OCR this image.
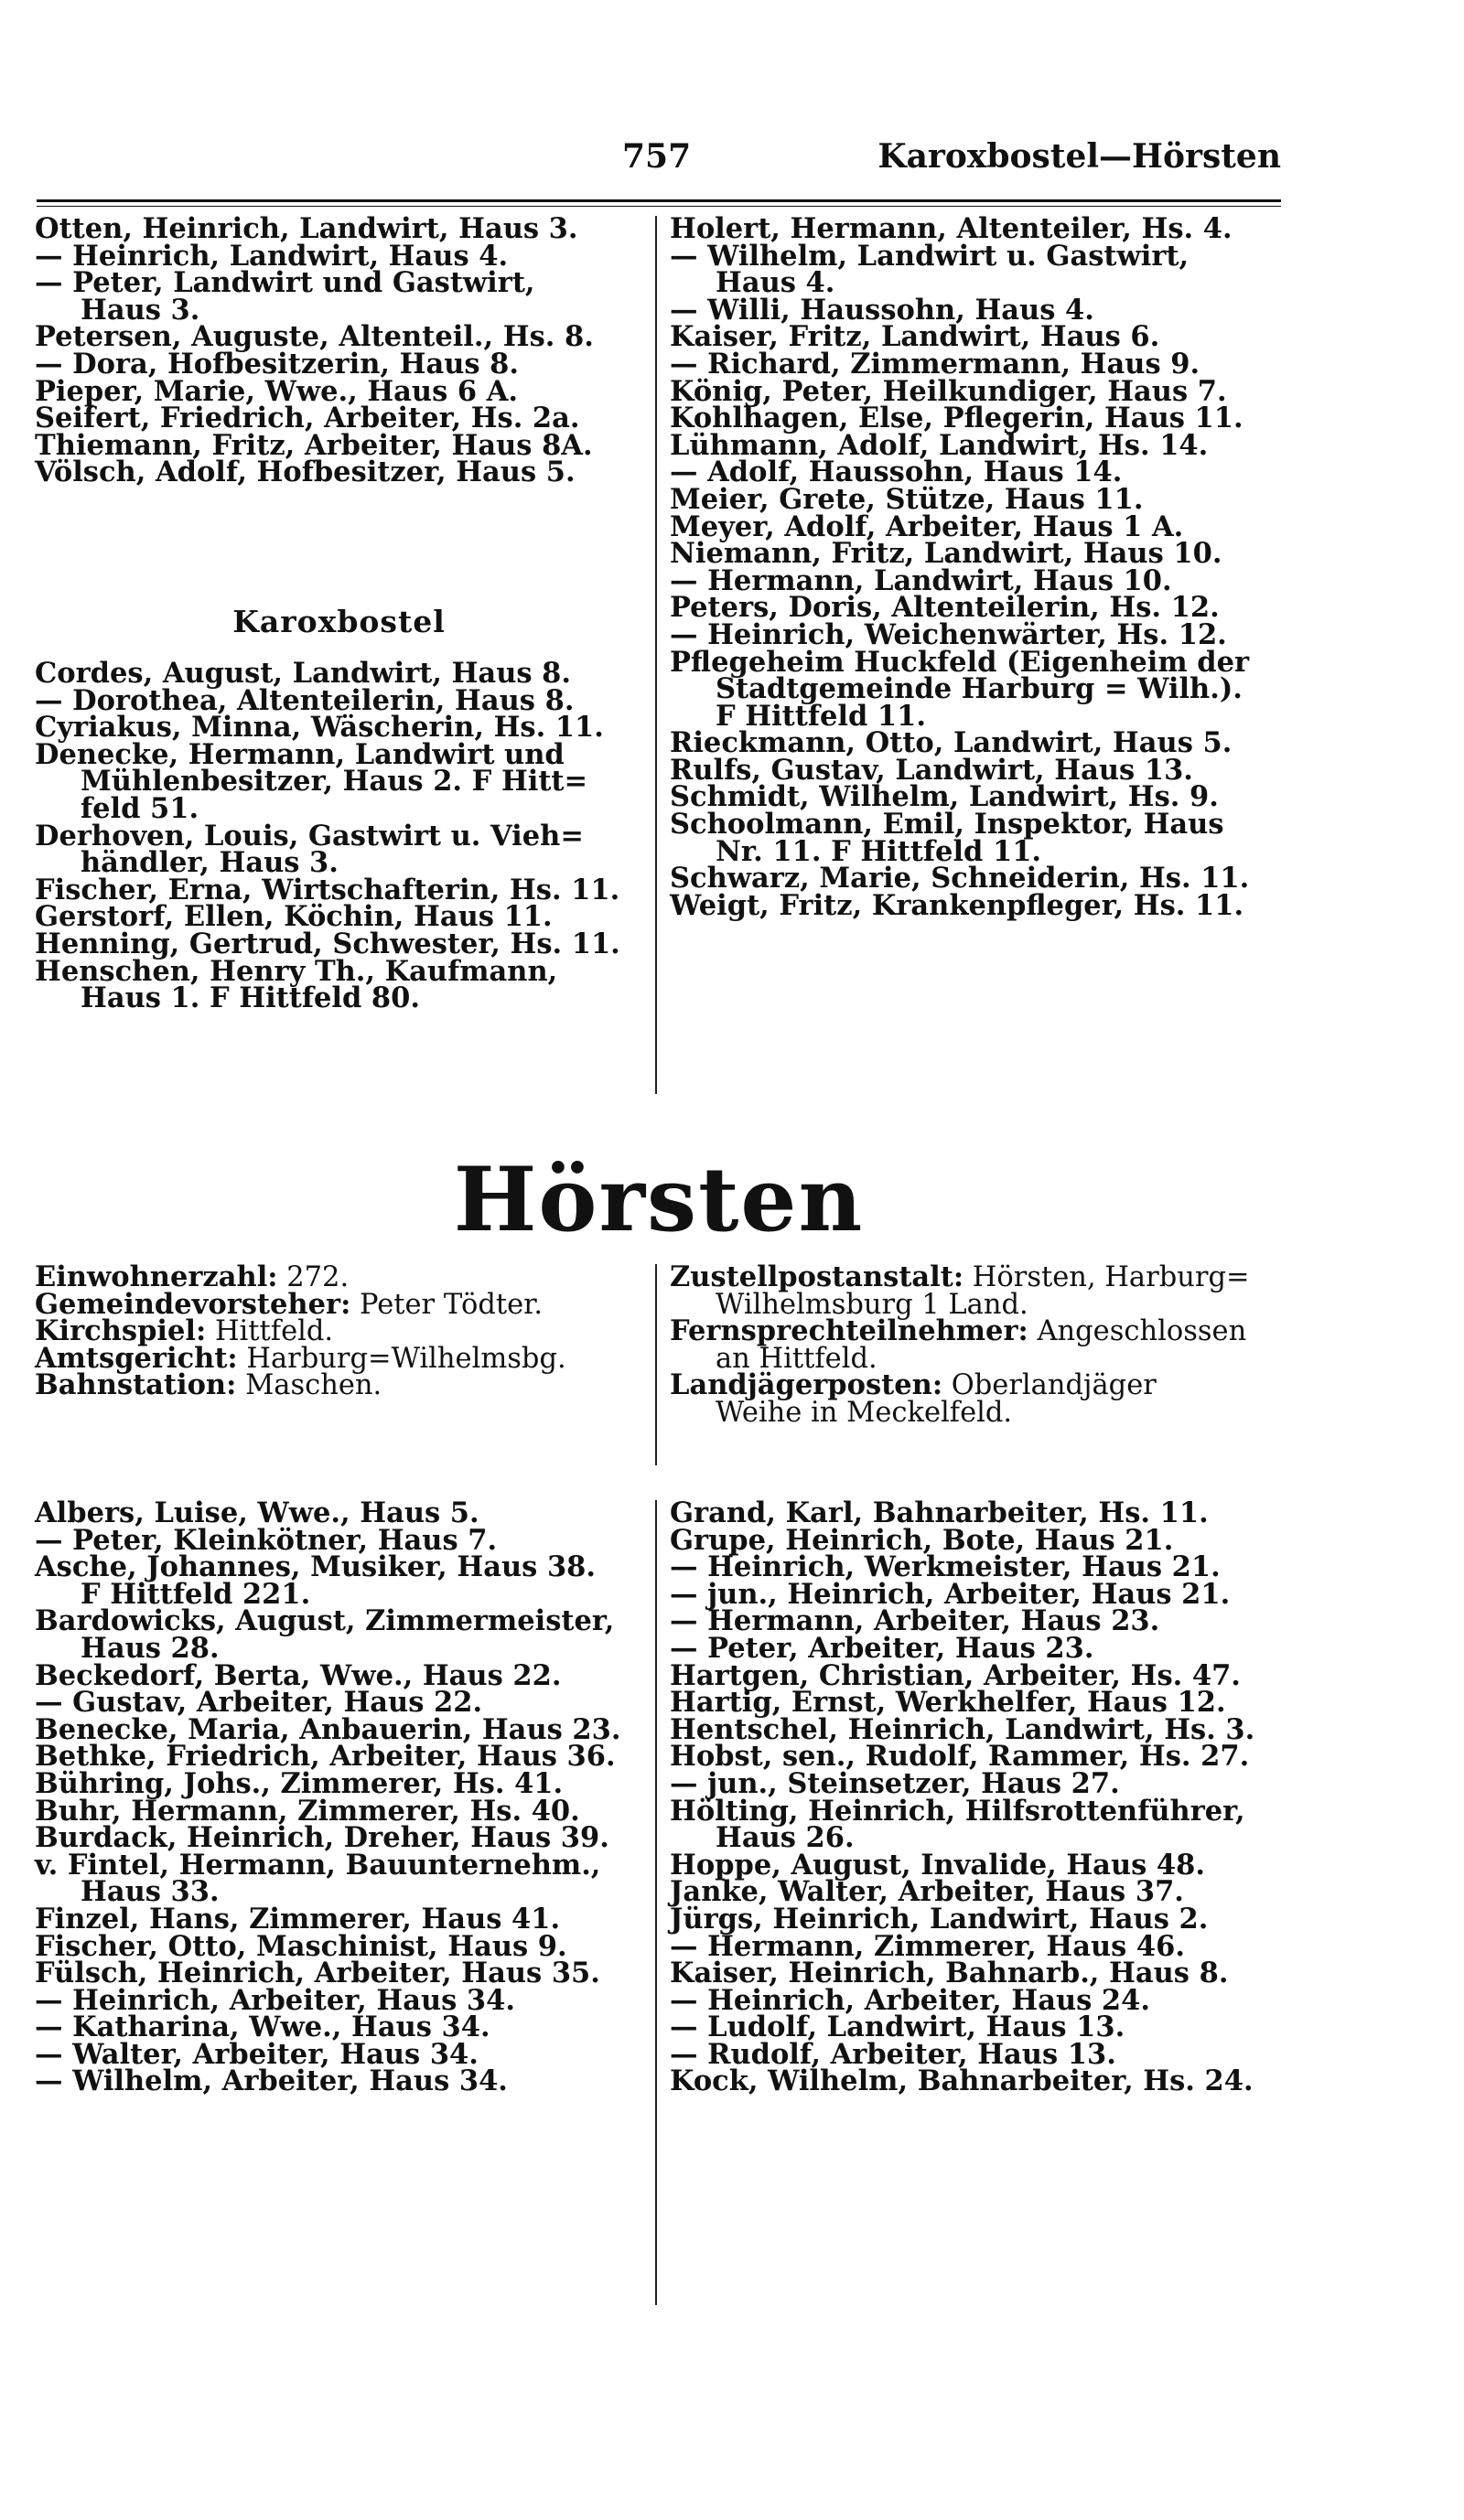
757	Karoxbostel—Hörsten
Otten, Heinrich, Landwirt, Haus 3.
— Heinrich, Landwirt, Haus 4.
— Peter, Landwirt und Gastwirt,
Haus 3.
Petersen, Auguste, Altenteil., Hs. 8.
— Dora, Hofbesitzerin, Haus 8.
Pieper, Marie, Wwe., Haus 6 A.
Seifert, Friedrich, Arbeiter, Hs. 2a.
Thiemann, Fritz, Arbeiter, Haus 8A.
Völsch, Adolf, Hofbesitzer, Haus 5.
Holert, Hermann, Altenteiler, Hs. 4.
— Wilhelm, Landwirt u. Gastwirt,
Haus 4.
— Willi, Haussohn, Haus 4.
Kaiser, Fritz, Landwirt, Haus 6.
— Richard, Zimmermann, Haus 9.
König, Peter, Heilkundiger, Haus 7.
Kohlhagen, Else, Pflegerin, Haus 11.
Lühmann, Adolf, Landwirt, Hs. 14.
— Adolf, Haussohn, Haus 14.
Meier, Grete, Stütze, Haus 11.
Meyer, Adolf, Arbeiter, Haus 1 A.
Niemann, Fritz, Landwirt, Haus 10.
— Hermann, Landwirt, Haus 10.
Peters, Doris, Altenteilerin, Hs. 12.
— Heinrich, Weichenwärter, Hs. 12.
Pflegeheim Huckfeld (Eigenheim der
Stadtgemeinde Harburg = Wilh.).
F Hittfeld 11.
Rieckmann, Otto, Landwirt, Haus 5.
Rulfs, Gustav, Landwirt, Haus 13.
Schmidt, Wilhelm, Landwirt, Hs. 9.
Schoolmann, Emil, Inspektor, Haus
Nr. 11. F Hittfeld 11.
Schwarz, Marie, Schneiderin, Hs. 11.
Weigt, Fritz, Krankenpfleger, Hs. 11.
Karoxbostel
Cordes, August, Landwirt, Haus 8.
— Dorothea, Altenteilerin, Haus 8.
Cyriakus, Minna, Wäscherin, Hs. 11.
Denecke, Hermann, Landwirt und
Mühlenbesitzer, Haus 2. F Hitt=
feld 51.
Derhoven, Louis, Gastwirt u. Vieh=
händler, Haus 3.
Fischer, Erna, Wirtschafterin, Hs. 11.
Gerstorf, Ellen, Köchin, Haus 11.
Henning, Gertrud, Schwester, Hs. 11.
Henschen, Henry Th., Kaufmann,
Haus 1. F Hittfeld 80.
Hörsten
Einwohnerzahl: 272.
Gemeindevorsteher: Peter Tödter.
Kirchspiel: Hittfeld.
Amtsgericht: Harburg=Wilhelmsbg.
Bahnstation: Maschen.
Zustellpostanstalt: Hörsten, Harburg=
Wilhelmsburg 1 Land.
Fernsprechteilnehmer: Angeschlossen
an Hittfeld.
Landjägerposten: Oberlandjäger
Weihe in Meckelfeld.
Albers, Luise, Wwe., Haus 5.
— Peter, Kleinkötner, Haus 7.
Asche, Johannes, Musiker, Haus 38.
F Hittfeld 221.
Bardowicks, August, Zimmermeister,
Haus 28.
Beckedorf, Berta, Wwe., Haus 22.
— Gustav, Arbeiter, Haus 22.
Benecke, Maria, Anbauerin, Haus 23.
Bethke, Friedrich, Arbeiter, Haus 36.
Bühring, Johs., Zimmerer, Hs. 41.
Buhr, Hermann, Zimmerer, Hs. 40.
Burdack, Heinrich, Dreher, Haus 39.
v. Fintel, Hermann, Bauunternehm.,
Haus 33.
Finzel, Hans, Zimmerer, Haus 41.
Fischer, Otto, Maschinist, Haus 9.
Fülsch, Heinrich, Arbeiter, Haus 35.
— Heinrich, Arbeiter, Haus 34.
— Katharina, Wwe., Haus 34.
— Walter, Arbeiter, Haus 34.
— Wilhelm, Arbeiter, Haus 34.
Grand, Karl, Bahnarbeiter, Hs. 11.
Grupe, Heinrich, Bote, Haus 21.
— Heinrich, Werkmeister, Haus 21.
— jun., Heinrich, Arbeiter, Haus 21.
— Hermann, Arbeiter, Haus 23.
— Peter, Arbeiter, Haus 23.
Hartgen, Christian, Arbeiter, Hs. 47.
Hartig, Ernst, Werkhelfer, Haus 12.
Hentschel, Heinrich, Landwirt, Hs. 3.
Hobst, sen., Rudolf, Rammer, Hs. 27.
— jun., Steinsetzer, Haus 27.
Hölting, Heinrich, Hilfsrottenführer,
Haus 26.
Hoppe, August, Invalide, Haus 48.
Janke, Walter, Arbeiter, Haus 37.
Jürgs, Heinrich, Landwirt, Haus 2.
— Hermann, Zimmerer, Haus 46.
Kaiser, Heinrich, Bahnarb., Haus 8.
— Heinrich, Arbeiter, Haus 24.
— Ludolf, Landwirt, Haus 13.
— Rudolf, Arbeiter, Haus 13.
Kock, Wilhelm, Bahnarbeiter, Hs. 24.
